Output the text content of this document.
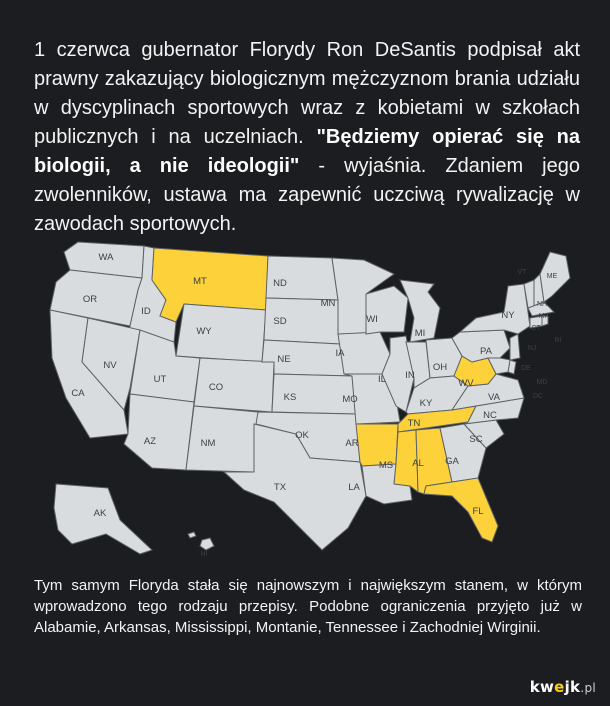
1 czerwca gubernator Florydy Ron DeSantis podpisał akt prawny zakazujący biologicznym mężczyznom brania udziału w dyscyplinach sportowych wraz z kobietami w szkołach publicznych i na uczelniach. "Będziemy opierać się na biologii, a nie ideologii" - wyjaśnia. Zdaniem jego zwolenników, ustawa ma zapewnić uczciwą rywalizację w zawodach sportowych.

WA
OR
CA
ID
NV
MT
WY
UT
CO
AZ	NM
ND
SD
NE
KS
OK
TX
MN
IA
MO
AR
LA
WI
IL
MI
IN
OH
KY
TN
MS AL GA
FL
SC
NC
VA
WV
PA
NY
VT
NH
ME
MA
CT
RI
NJ
DE
MD
DC
AK
HI

Tym samym Floryda stała się najnowszym i największym stanem, w którym wprowadzono tego rodzaju przepisy. Podobne ograniczenia przyjęto już w Alabamie, Arkansas, Mississippi, Montanie, Tennessee i Zachodniej Wirginii.

kwejk.pl
